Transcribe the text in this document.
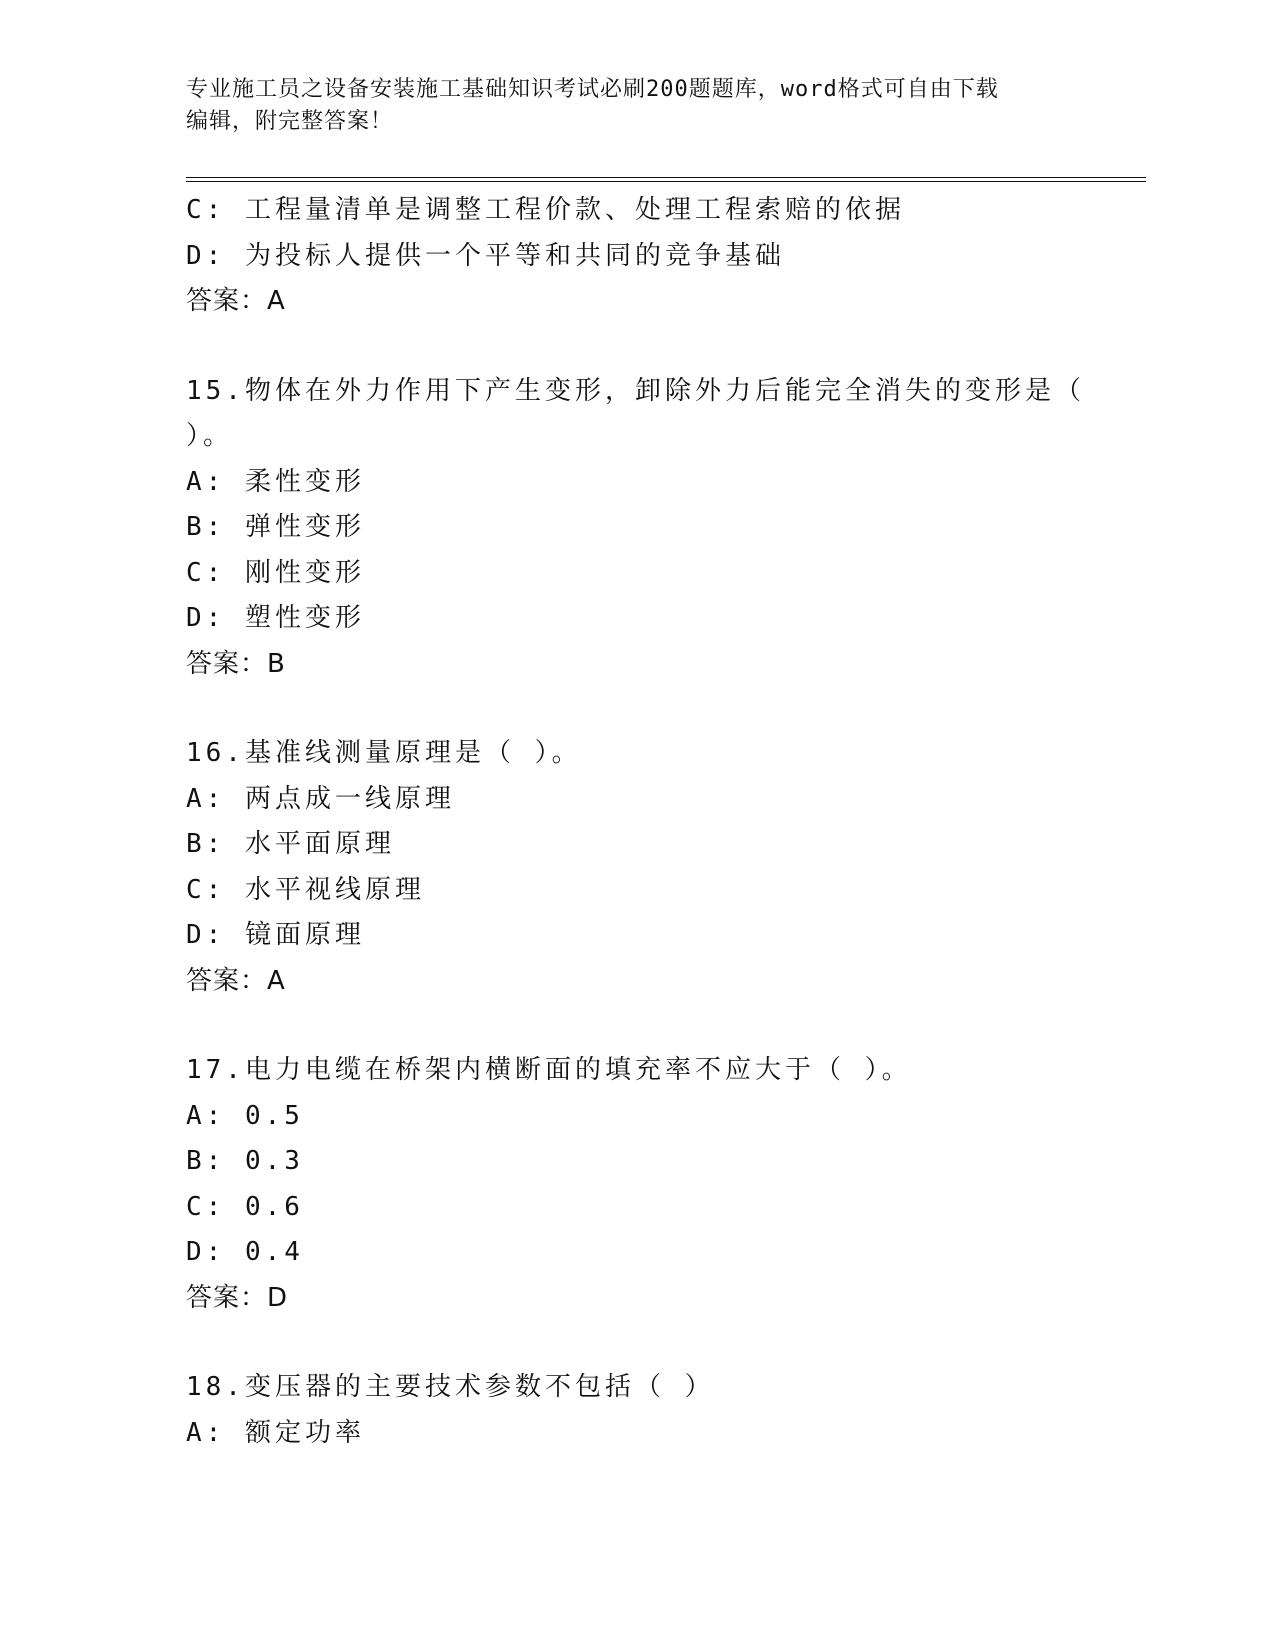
专业施工员之设备安装施工基础知识考试必刷200题题库，word格式可自由下载
编辑，附完整答案！
C: 工程量清单是调整工程价款、处理工程索赔的依据
D: 为投标人提供一个平等和共同的竞争基础
答案：A
15.物体在外力作用下产生变形，卸除外力后能完全消失的变形是（
）。
A: 柔性变形
B: 弹性变形
C: 刚性变形
D: 塑性变形
答案：B
16.基准线测量原理是（ ）。
A: 两点成一线原理
B: 水平面原理
C: 水平视线原理
D: 镜面原理
答案：A
17.电力电缆在桥架内横断面的填充率不应大于（ ）。
A: 0.5
B: 0.3
C: 0.6
D: 0.4
答案：D
18.变压器的主要技术参数不包括（ ）
A: 额定功率
